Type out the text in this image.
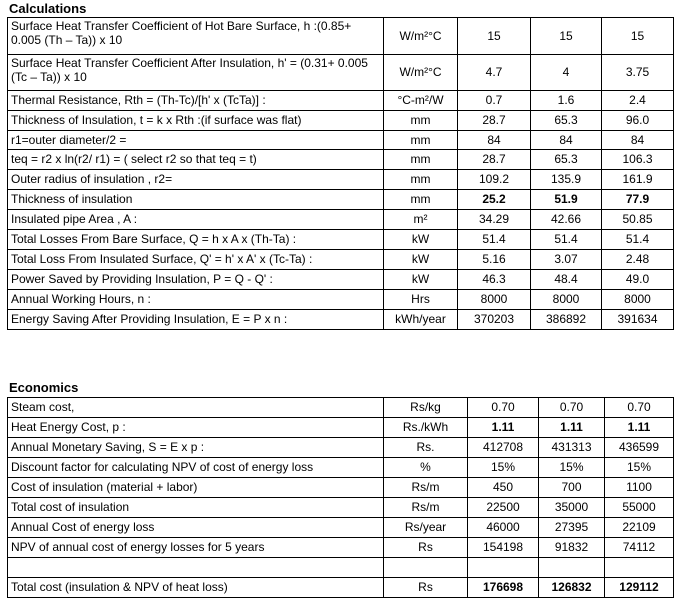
Calculations
Surface Heat Transfer Coefficient of Hot Bare Surface, h :(0.85+ 0.005 (Th – Ta)) x 10	W/m²°C	15	15	15
Surface Heat Transfer Coefficient After Insulation, h' = (0.31+ 0.005 (Tc – Ta)) x 10	W/m²°C	4.7	4	3.75
Thermal Resistance, Rth = (Th-Tc)/[h' x (TcTa)] :	°C-m²/W	0.7	1.6	2.4
Thickness of Insulation, t = k x Rth :(if surface was flat)	mm	28.7	65.3	96.0
r1=outer diameter/2 =	mm	84	84	84
teq = r2 x ln(r2/ r1) = ( select r2 so that teq = t)	mm	28.7	65.3	106.3
Outer radius of insulation , r2=	mm	109.2	135.9	161.9
Thickness of insulation	mm	25.2	51.9	77.9
Insulated pipe Area , A :	m²	34.29	42.66	50.85
Total Losses From Bare Surface, Q = h x A x (Th-Ta) :	kW	51.4	51.4	51.4
Total Loss From Insulated Surface, Q' = h' x A' x (Tc-Ta) :	kW	5.16	3.07	2.48
Power Saved by Providing Insulation, P = Q - Q' :	kW	46.3	48.4	49.0
Annual Working Hours, n :	Hrs	8000	8000	8000
Energy Saving After Providing Insulation, E = P x n :	kWh/year	370203	386892	391634
Economics
Steam cost,	Rs/kg	0.70	0.70	0.70
Heat Energy Cost, p :	Rs./kWh	1.11	1.11	1.11
Annual Monetary Saving, S = E x p :	Rs.	412708	431313	436599
Discount factor for calculating NPV of cost of energy loss	%	15%	15%	15%
Cost of insulation (material + labor)	Rs/m	450	700	1100
Total cost of insulation	Rs/m	22500	35000	55000
Annual Cost of energy loss	Rs/year	46000	27395	22109
NPV of annual cost of energy losses for 5 years	Rs	154198	91832	74112

Total cost (insulation & NPV of heat loss)	Rs	176698	126832	129112
